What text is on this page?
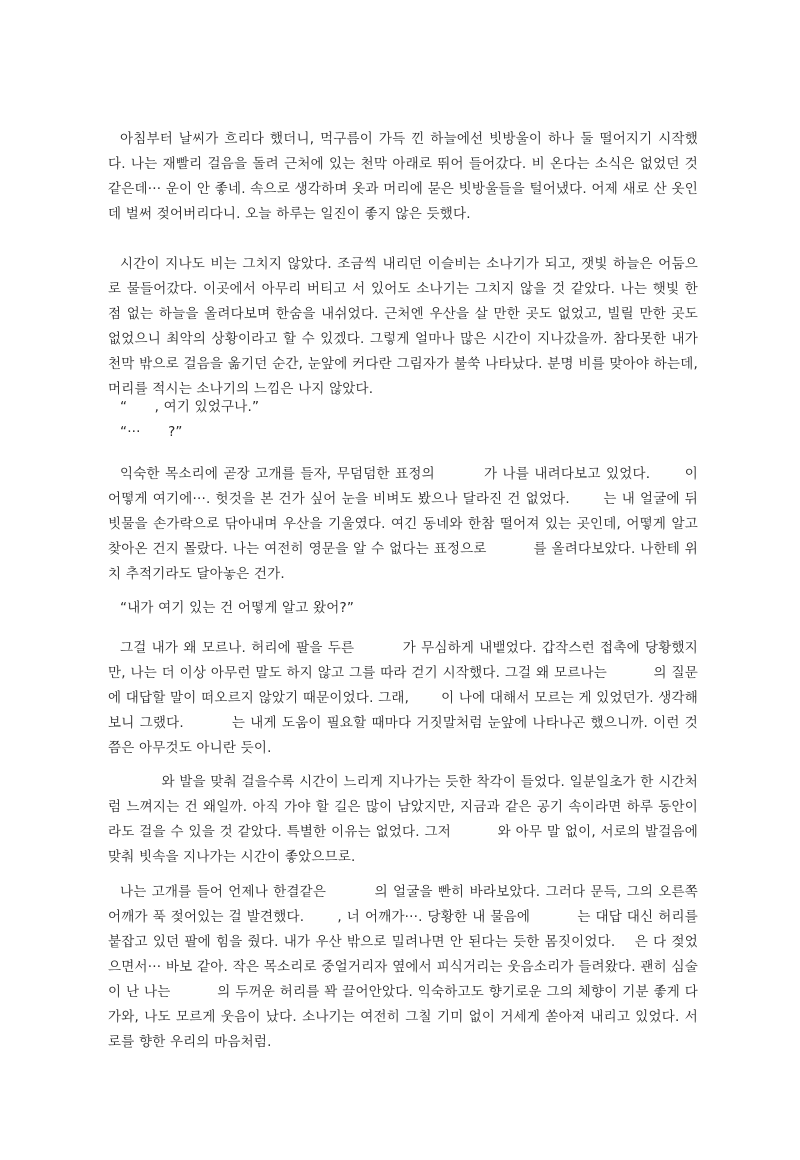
아침부터 날씨가 흐리다 했더니, 먹구름이 가득 낀 하늘에선 빗방울이 하나 둘 떨어지기 시작했다. 나는 재빨리 걸음을 돌려 근처에 있는 천막 아래로 뛰어 들어갔다. 비 온다는 소식은 없었던 것 같은데··· 운이 안 좋네. 속으로 생각하며 옷과 머리에 묻은 빗방울들을 털어냈다. 어제 새로 산 옷인데 벌써 젖어버리다니. 오늘 하루는 일진이 좋지 않은 듯했다.

시간이 지나도 비는 그치지 않았다. 조금씩 내리던 이슬비는 소나기가 되고, 잿빛 하늘은 어둠으로 물들어갔다. 이곳에서 아무리 버티고 서 있어도 소나기는 그치지 않을 것 같았다. 나는 햇빛 한 점 없는 하늘을 올려다보며 한숨을 내쉬었다. 근처엔 우산을 살 만한 곳도 없었고, 빌릴 만한 곳도 없었으니 최악의 상황이라고 할 수 있겠다. 그렇게 얼마나 많은 시간이 지나갔을까. 참다못한 내가 천막 밖으로 걸음을 옮기던 순간, 눈앞에 커다란 그림자가 불쑥 나타났다. 분명 비를 맞아야 하는데, 머리를 적시는 소나기의 느낌은 나지 않았다.

“　　, 여기 있었구나.”

“···　　?”

익숙한 목소리에 곧장 고개를 들자, 무덤덤한 표정의 　　　가 나를 내려다보고 있었다. 　　이 어떻게 여기에···. 헛것을 본 건가 싶어 눈을 비벼도 봤으나 달라진 건 없었다. 　　는 내 얼굴에 뒤 빗물을 손가락으로 닦아내며 우산을 기울였다. 여긴 동네와 한참 떨어져 있는 곳인데, 어떻게 알고 찾아온 건지 몰랐다. 나는 여전히 영문을 알 수 없다는 표정으로 　　　를 올려다보았다. 나한테 위치 추적기라도 달아놓은 건가.

“내가 여기 있는 건 어떻게 알고 왔어?”

그걸 내가 왜 모르나. 허리에 팔을 두른 　　　가 무심하게 내뱉었다. 갑작스런 접촉에 당황했지만, 나는 더 이상 아무런 말도 하지 않고 그를 따라 걷기 시작했다. 그걸 왜 모르나는 　　　의 질문에 대답할 말이 떠오르지 않았기 때문이었다. 그래, 　　이 나에 대해서 모르는 게 있었던가. 생각해 보니 그랬다. 　　　는 내게 도움이 필요할 때마다 거짓말처럼 눈앞에 나타나곤 했으니까. 이런 것쯤은 아무것도 아니란 듯이.

　　　와 발을 맞춰 걸을수록 시간이 느리게 지나가는 듯한 착각이 들었다. 일분일초가 한 시간처럼 느껴지는 건 왜일까. 아직 가야 할 길은 많이 남았지만, 지금과 같은 공기 속이라면 하루 동안이라도 걸을 수 있을 것 같았다. 특별한 이유는 없었다. 그저 　　　와 아무 말 없이, 서로의 발걸음에 맞춰 빗속을 지나가는 시간이 좋았으므로.

나는 고개를 들어 언제나 한결같은 　　　의 얼굴을 빤히 바라보았다. 그러다 문득, 그의 오른쪽 어깨가 푹 젖어있는 걸 발견했다. 　　, 너 어깨가···. 당황한 내 물음에 　　　는 대답 대신 허리를 붙잡고 있던 팔에 힘을 줬다. 내가 우산 밖으로 밀려나면 안 된다는 듯한 몸짓이었다. 　은 다 젖었으면서··· 바보 같아. 작은 목소리로 중얼거리자 옆에서 피식거리는 웃음소리가 들려왔다. 괜히 심술이 난 나는 　　　의 두꺼운 허리를 꽉 끌어안았다. 익숙하고도 향기로운 그의 체향이 기분 좋게 다가와, 나도 모르게 웃음이 났다. 소나기는 여전히 그칠 기미 없이 거세게 쏟아져 내리고 있었다. 서로를 향한 우리의 마음처럼.
